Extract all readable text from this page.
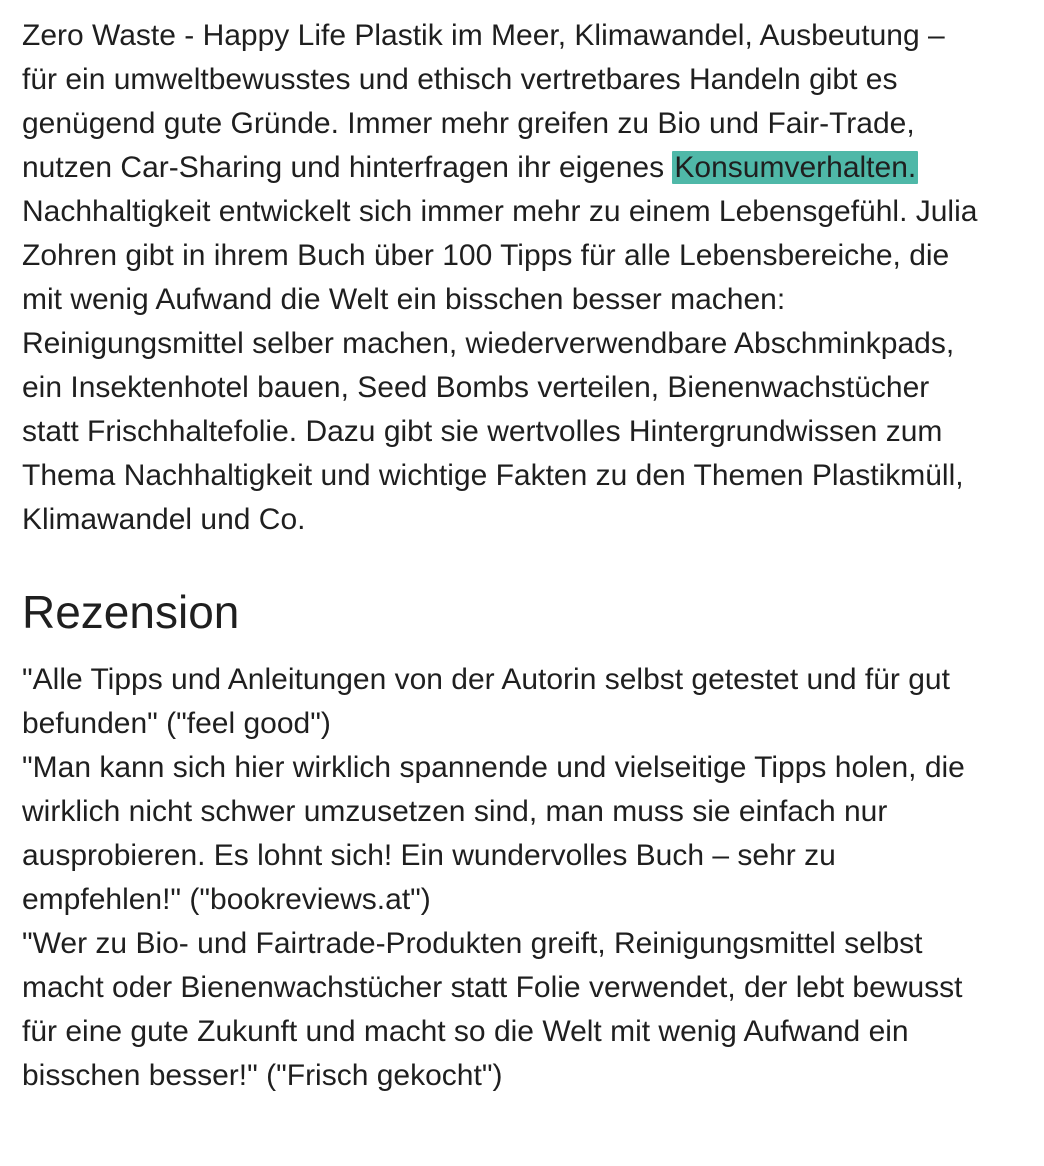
Zero Waste - Happy Life Plastik im Meer, Klimawandel, Ausbeutung – für ein umweltbewusstes und ethisch vertretbares Handeln gibt es genügend gute Gründe. Immer mehr greifen zu Bio und Fair-Trade, nutzen Car-Sharing und hinterfragen ihr eigenes Konsumverhalten. Nachhaltigkeit entwickelt sich immer mehr zu einem Lebensgefühl. Julia Zohren gibt in ihrem Buch über 100 Tipps für alle Lebensbereiche, die mit wenig Aufwand die Welt ein bisschen besser machen: Reinigungsmittel selber machen, wiederverwendbare Abschminkpads, ein Insektenhotel bauen, Seed Bombs verteilen, Bienenwachstücher statt Frischhaltefolie. Dazu gibt sie wertvolles Hintergrundwissen zum Thema Nachhaltigkeit und wichtige Fakten zu den Themen Plastikmüll, Klimawandel und Co.

Rezension
"Alle Tipps und Anleitungen von der Autorin selbst getestet und für gut befunden" ("feel good")
"Man kann sich hier wirklich spannende und vielseitige Tipps holen, die wirklich nicht schwer umzusetzen sind, man muss sie einfach nur ausprobieren. Es lohnt sich! Ein wundervolles Buch – sehr zu empfehlen!" ("bookreviews.at")
"Wer zu Bio- und Fairtrade-Produkten greift, Reinigungsmittel selbst macht oder Bienenwachstücher statt Folie verwendet, der lebt bewusst für eine gute Zukunft und macht so die Welt mit wenig Aufwand ein bisschen besser!" ("Frisch gekocht")
